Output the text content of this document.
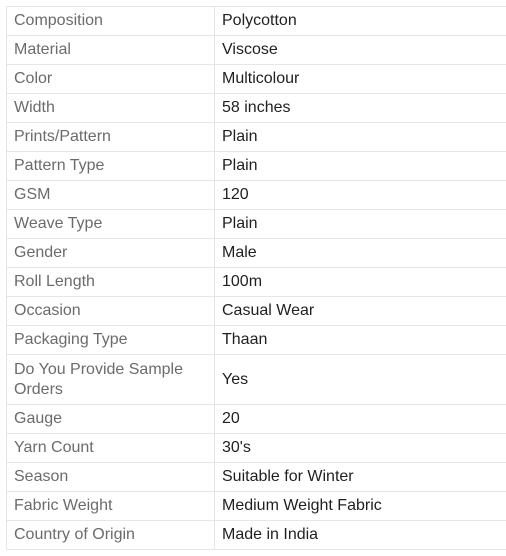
Composition	Polycotton
Material	Viscose
Color	Multicolour
Width	58 inches
Prints/Pattern	Plain
Pattern Type	Plain
GSM	120
Weave Type	Plain
Gender	Male
Roll Length	100m
Occasion	Casual Wear
Packaging Type	Thaan
Do You Provide Sample Orders	Yes
Gauge	20
Yarn Count	30's
Season	Suitable for Winter
Fabric Weight	Medium Weight Fabric
Country of Origin	Made in India
